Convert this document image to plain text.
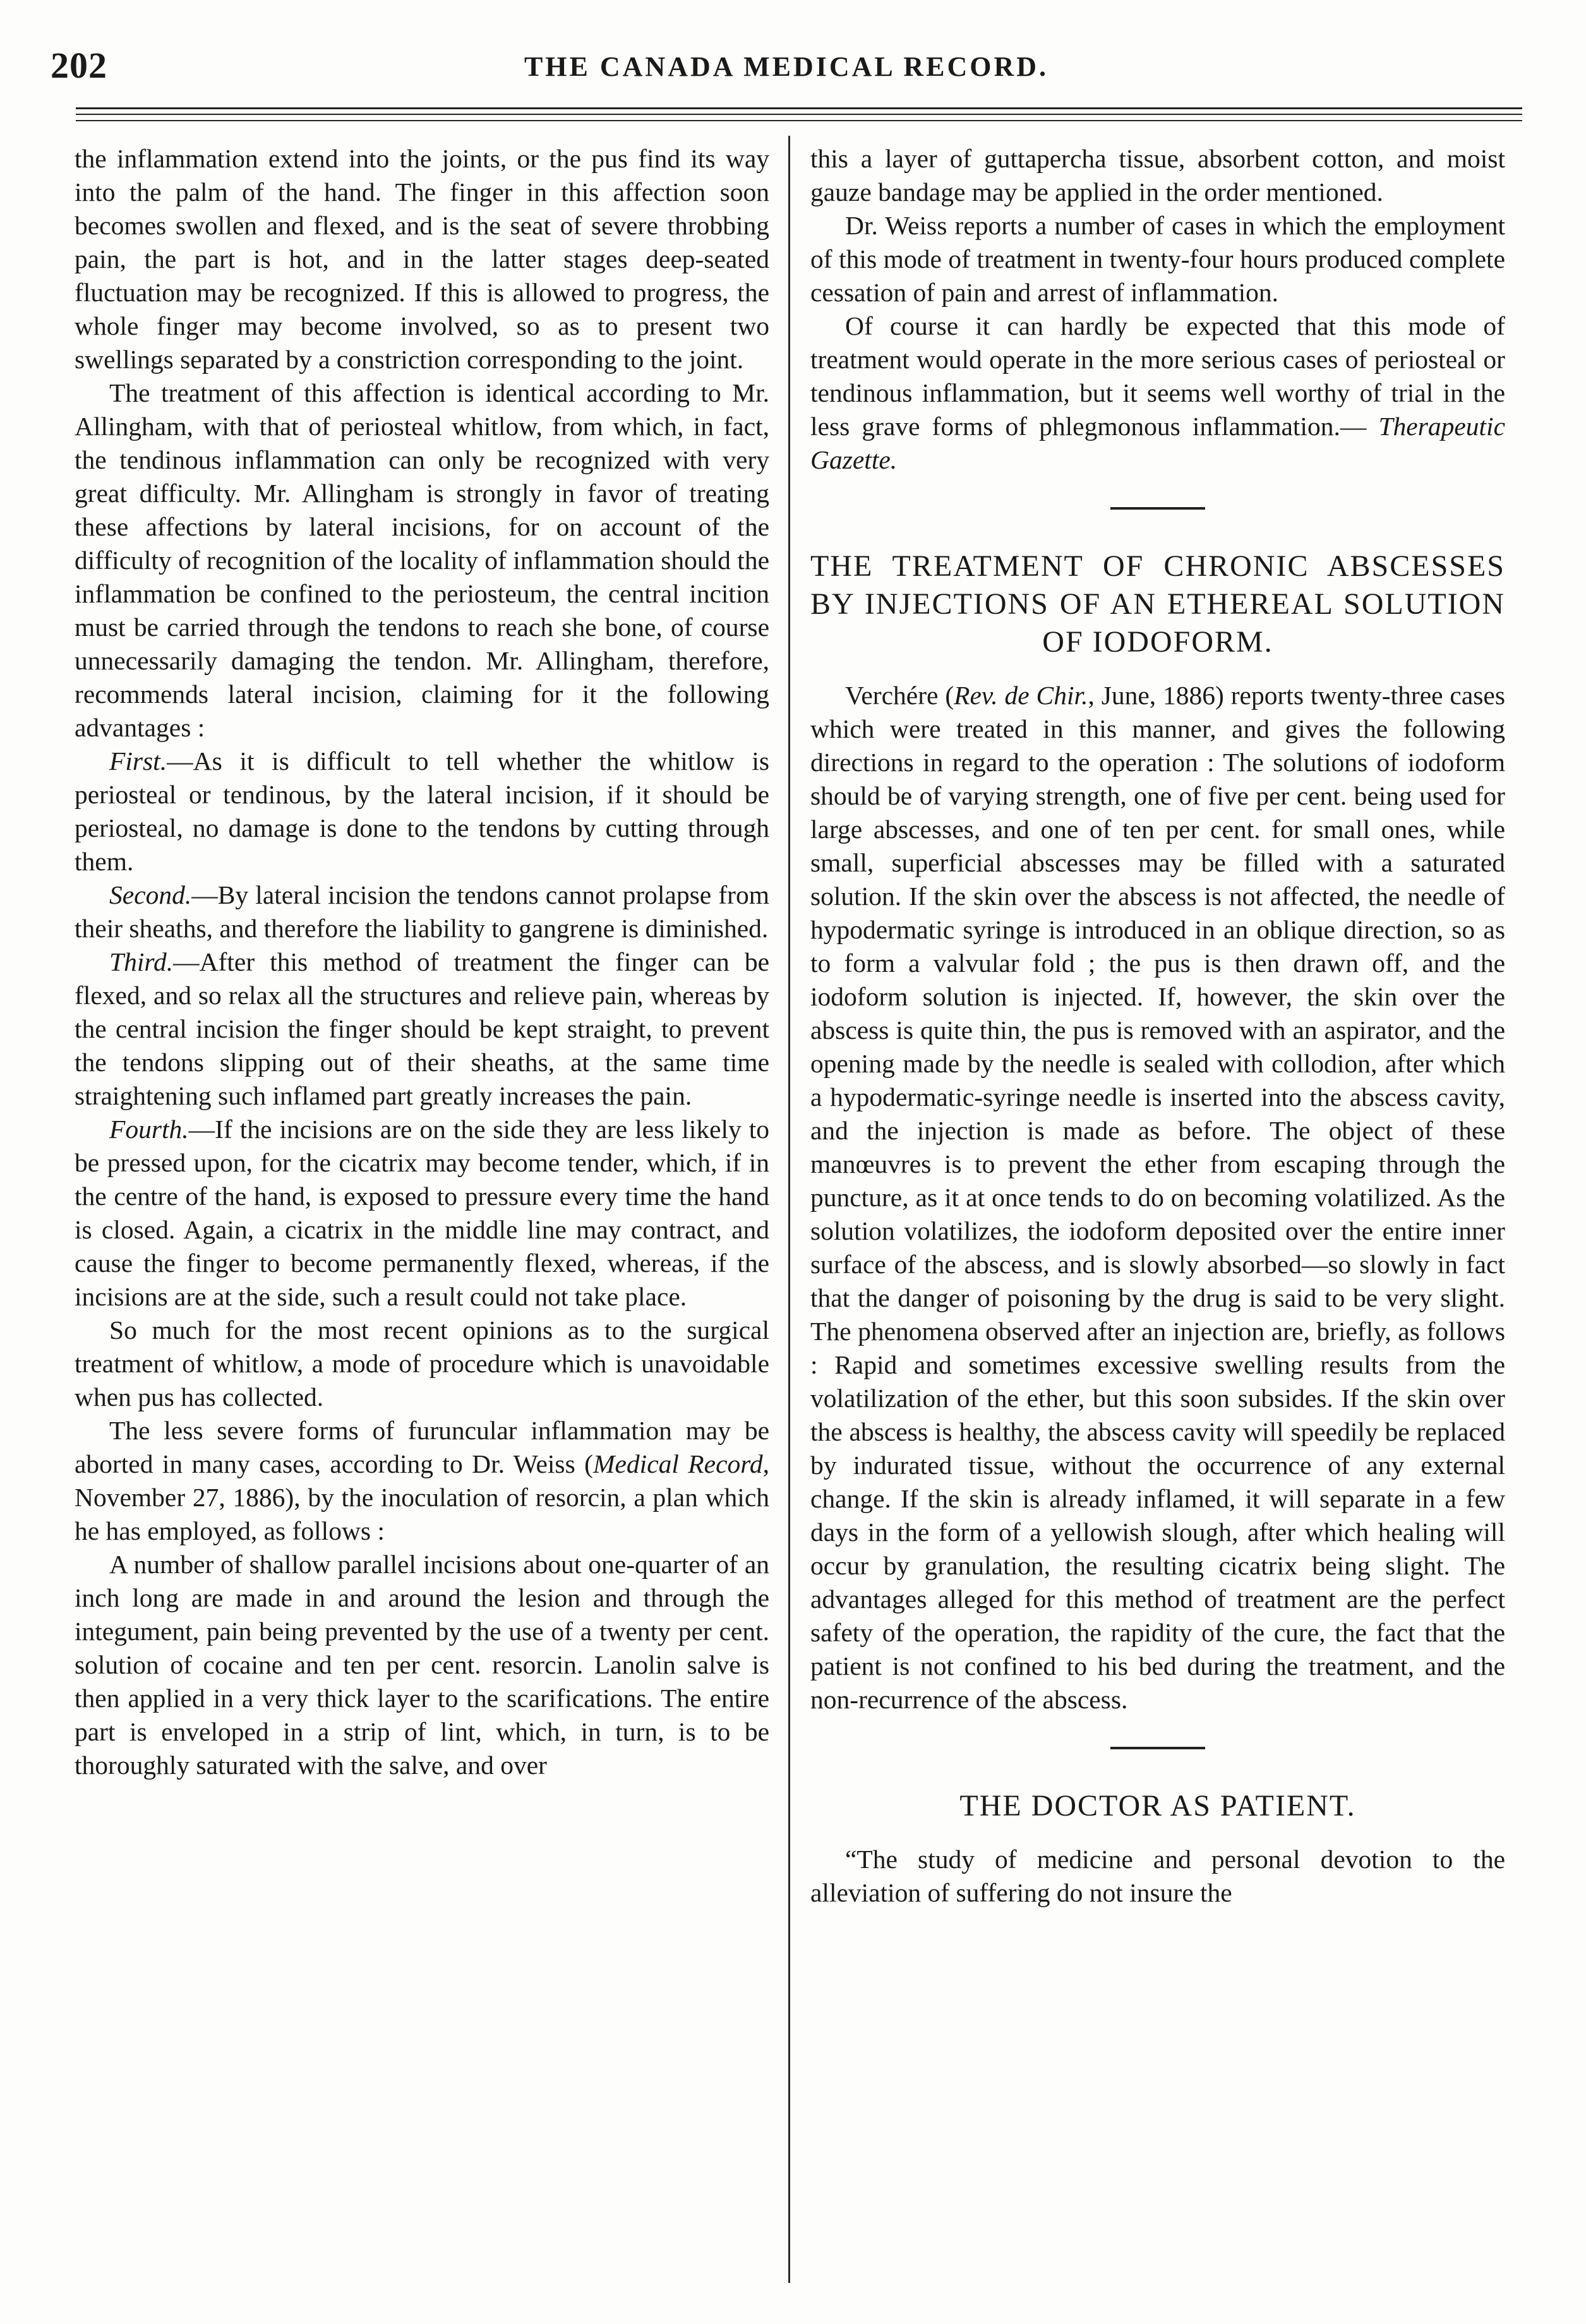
202	THE CANADA MEDICAL RECORD.

the inflammation extend into the joints, or the pus find its way into the palm of the hand. The finger in this affection soon becomes swollen and flexed, and is the seat of severe throbbing pain, the part is hot, and in the latter stages deep-seated fluctuation may be recognized. If this is allowed to progress, the whole finger may become involved, so as to present two swellings separated by a constriction corresponding to the joint.

The treatment of this affection is identical according to Mr. Allingham, with that of periosteal whitlow, from which, in fact, the tendinous inflammation can only be recognized with very great difficulty. Mr. Allingham is strongly in favor of treating these affections by lateral incisions, for on account of the difficulty of recognition of the locality of inflammation should the inflammation be confined to the periosteum, the central incition must be carried through the tendons to reach she bone, of course unnecessarily damaging the tendon. Mr. Allingham, therefore, recommends lateral incision, claiming for it the following advantages :

First.—As it is difficult to tell whether the whitlow is periosteal or tendinous, by the lateral incision, if it should be periosteal, no damage is done to the tendons by cutting through them.

Second.—By lateral incision the tendons cannot prolapse from their sheaths, and therefore the liability to gangrene is diminished.

Third.—After this method of treatment the finger can be flexed, and so relax all the structures and relieve pain, whereas by the central incision the finger should be kept straight, to prevent the tendons slipping out of their sheaths, at the same time straightening such inflamed part greatly increases the pain.

Fourth.—If the incisions are on the side they are less likely to be pressed upon, for the cicatrix may become tender, which, if in the centre of the hand, is exposed to pressure every time the hand is closed. Again, a cicatrix in the middle line may contract, and cause the finger to become permanently flexed, whereas, if the incisions are at the side, such a result could not take place.

So much for the most recent opinions as to the surgical treatment of whitlow, a mode of procedure which is unavoidable when pus has collected.

The less severe forms of furuncular inflammation may be aborted in many cases, according to Dr. Weiss (Medical Record, November 27, 1886), by the inoculation of resorcin, a plan which he has employed, as follows :

A number of shallow parallel incisions about one-quarter of an inch long are made in and around the lesion and through the integument, pain being prevented by the use of a twenty per cent. solution of cocaine and ten per cent. resorcin. Lanolin salve is then applied in a very thick layer to the scarifications. The entire part is enveloped in a strip of lint, which, in turn, is to be thoroughly saturated with the salve, and over

this a layer of guttapercha tissue, absorbent cotton, and moist gauze bandage may be applied in the order mentioned.

Dr. Weiss reports a number of cases in which the employment of this mode of treatment in twenty-four hours produced complete cessation of pain and arrest of inflammation.

Of course it can hardly be expected that this mode of treatment would operate in the more serious cases of periosteal or tendinous inflammation, but it seems well worthy of trial in the less grave forms of phlegmonous inflammation.— Therapeutic Gazette.

THE TREATMENT OF CHRONIC ABSCESSES BY INJECTIONS OF AN ETHEREAL SOLUTION OF IODOFORM.

Verchére (Rev. de Chir., June, 1886) reports twenty-three cases which were treated in this manner, and gives the following directions in regard to the operation : The solutions of iodoform should be of varying strength, one of five per cent. being used for large abscesses, and one of ten per cent. for small ones, while small, superficial abscesses may be filled with a saturated solution. If the skin over the abscess is not affected, the needle of hypodermatic syringe is introduced in an oblique direction, so as to form a valvular fold ; the pus is then drawn off, and the iodoform solution is injected. If, however, the skin over the abscess is quite thin, the pus is removed with an aspirator, and the opening made by the needle is sealed with collodion, after which a hypodermatic-syringe needle is inserted into the abscess cavity, and the injection is made as before. The object of these manœuvres is to prevent the ether from escaping through the puncture, as it at once tends to do on becoming volatilized. As the solution volatilizes, the iodoform deposited over the entire inner surface of the abscess, and is slowly absorbed—so slowly in fact that the danger of poisoning by the drug is said to be very slight. The phenomena observed after an injection are, briefly, as follows : Rapid and sometimes excessive swelling results from the volatilization of the ether, but this soon subsides. If the skin over the abscess is healthy, the abscess cavity will speedily be replaced by indurated tissue, without the occurrence of any external change. If the skin is already inflamed, it will separate in a few days in the form of a yellowish slough, after which healing will occur by granulation, the resulting cicatrix being slight. The advantages alleged for this method of treatment are the perfect safety of the operation, the rapidity of the cure, the fact that the patient is not confined to his bed during the treatment, and the non-recurrence of the abscess.

THE DOCTOR AS PATIENT.

“The study of medicine and personal devotion to the alleviation of suffering do not insure the
